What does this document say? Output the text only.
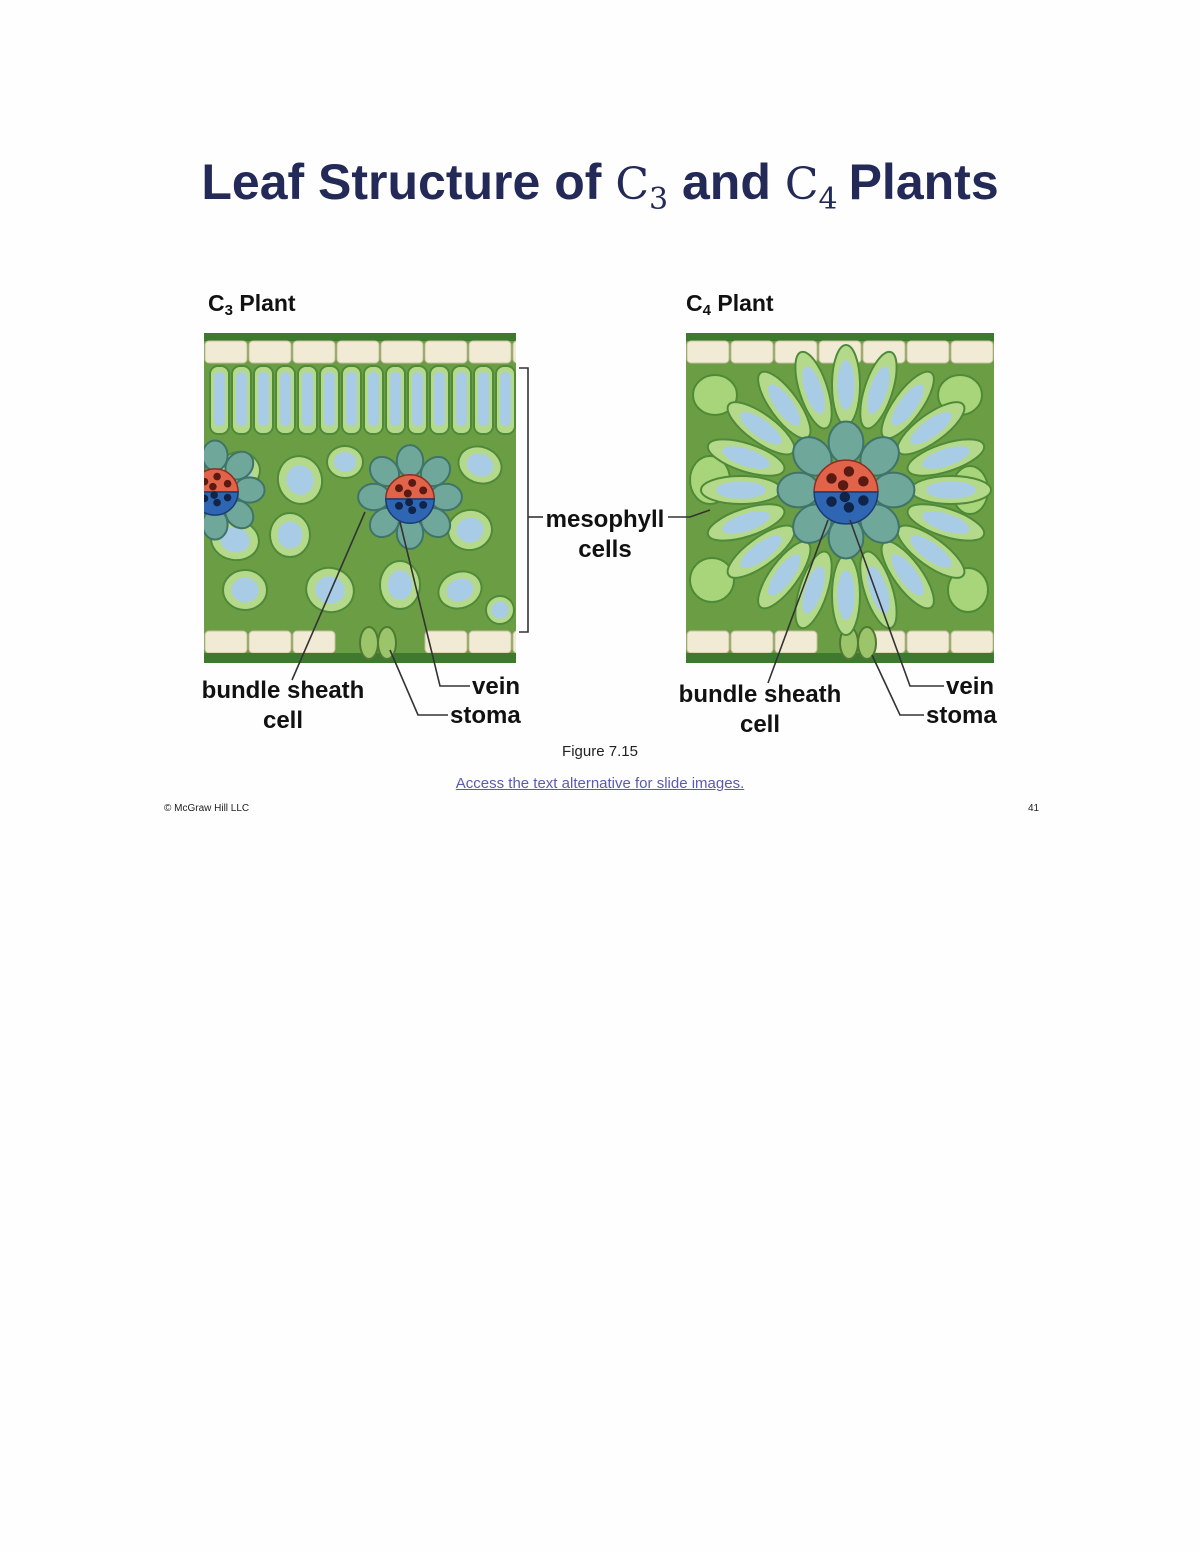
Leaf Structure of $C_3$ and $C_4$ Plants
$C_3$ Plant	$C_4$ Plant
mesophyll
cells
bundle sheath
cell
vein
stoma
bundle sheath
cell
vein
stoma
Figure 7.15
Access the text alternative for slide images.
© McGraw Hill LLC	41
